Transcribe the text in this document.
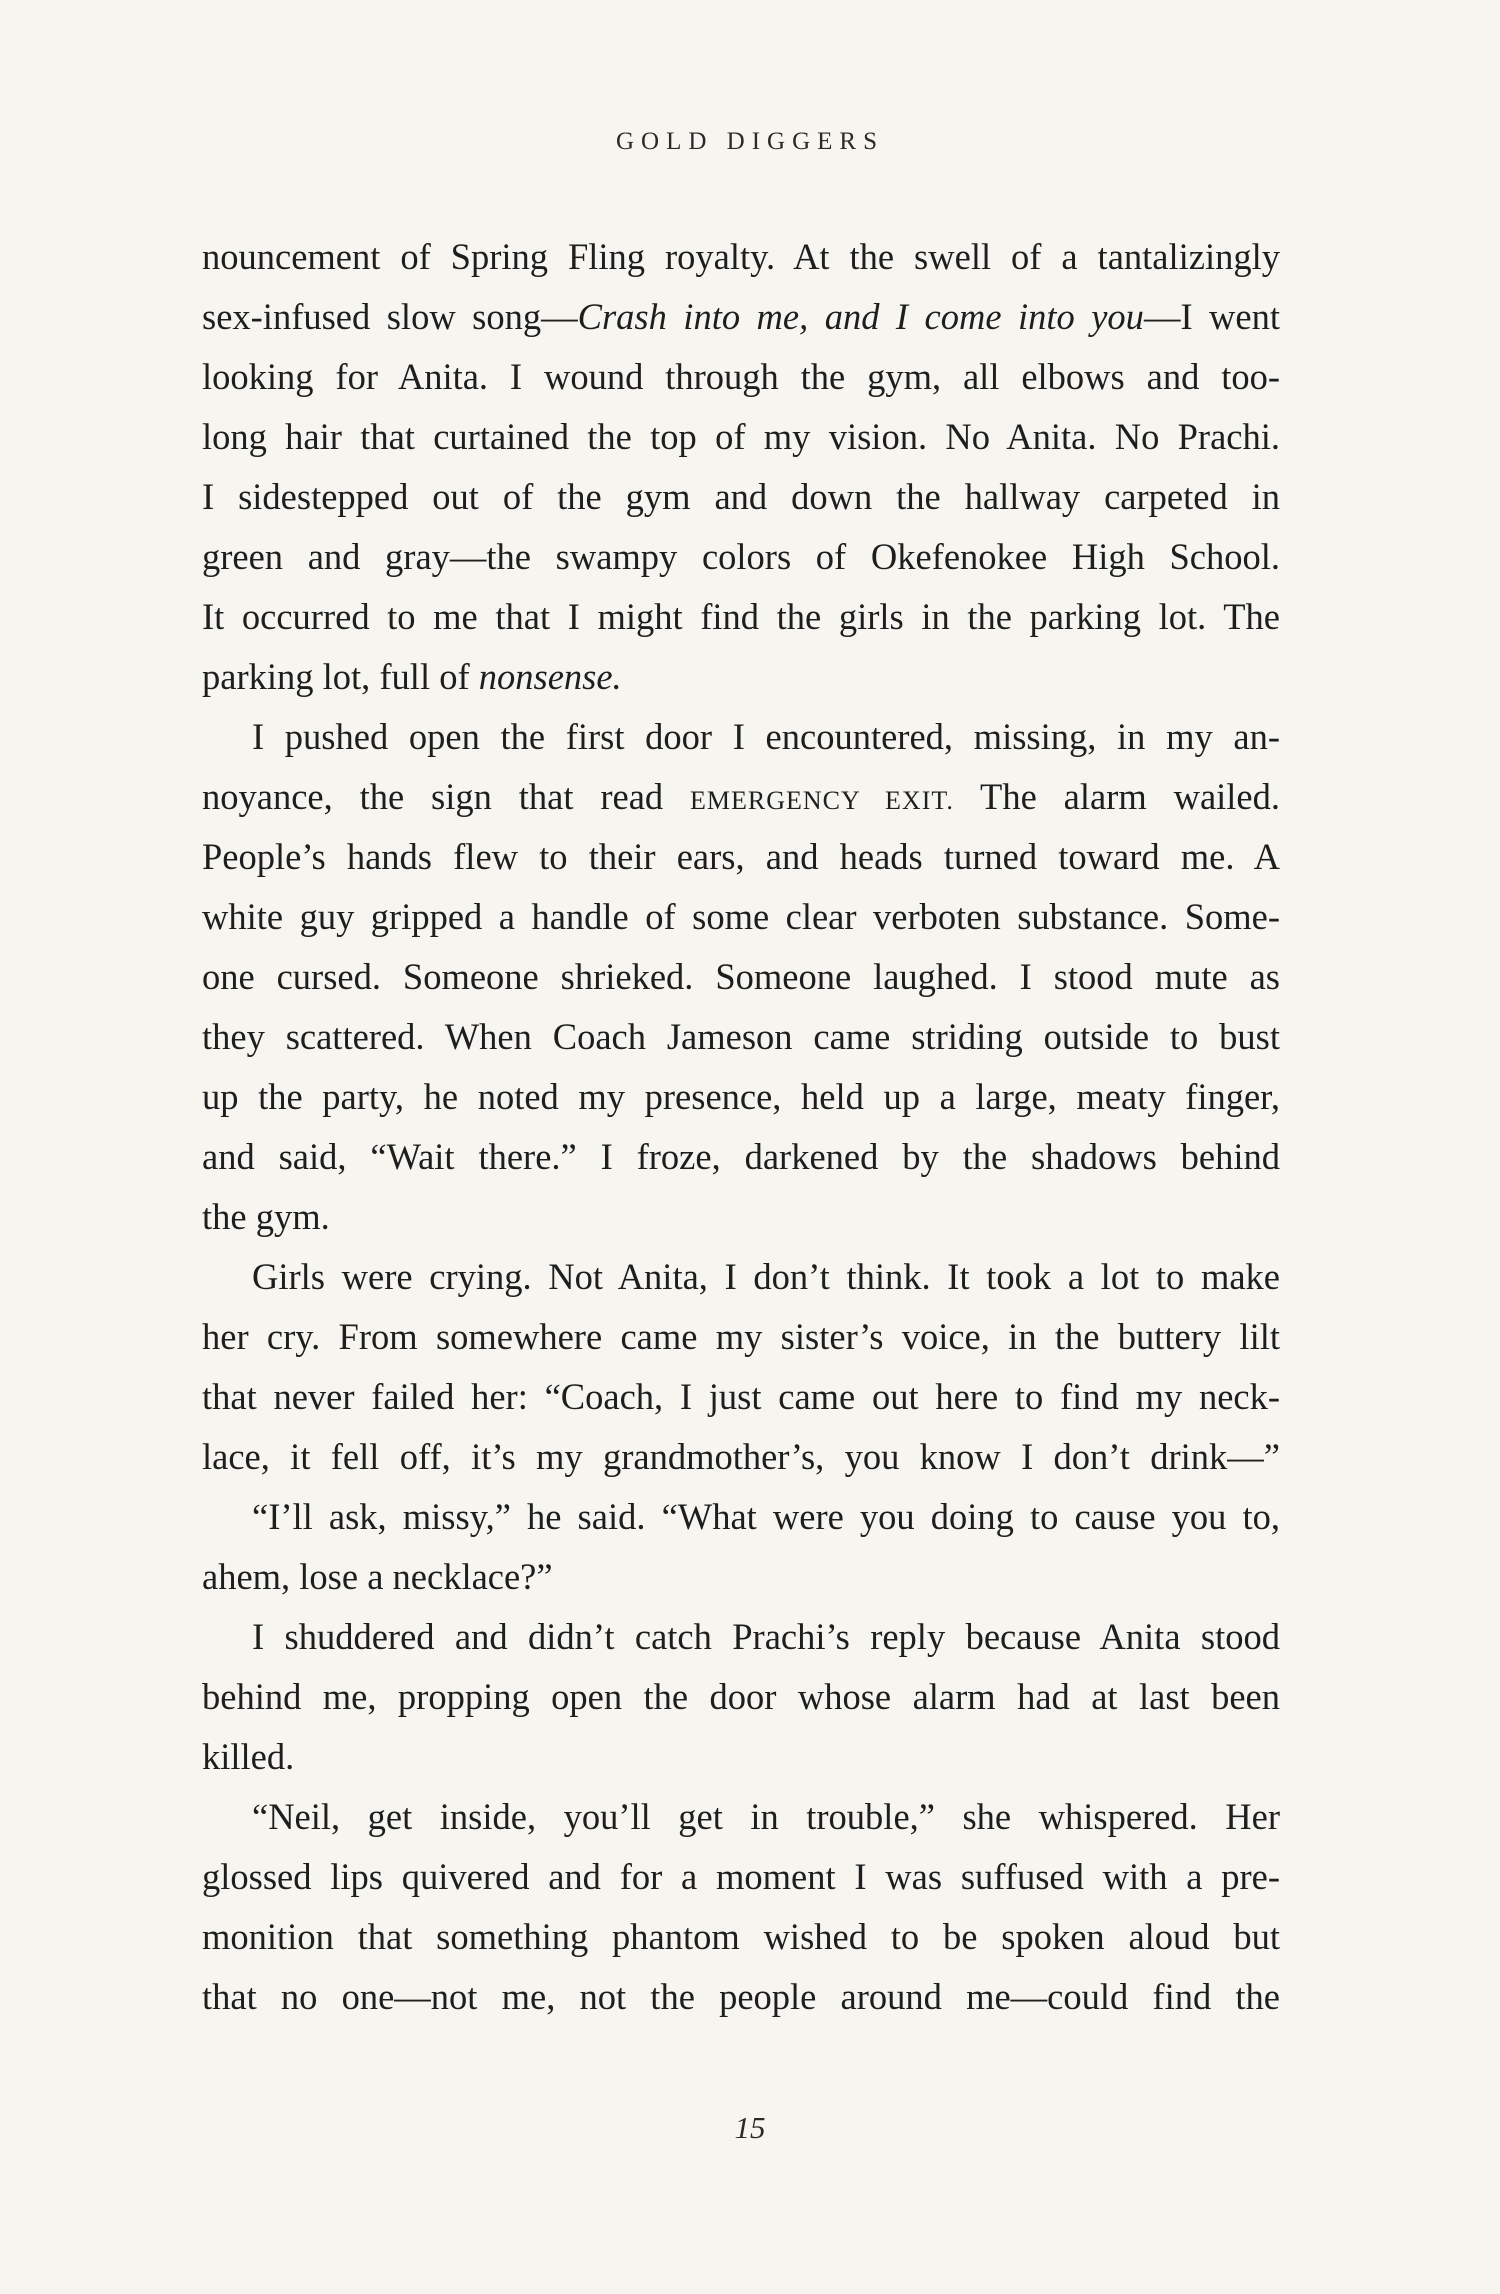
GOLD DIGGERS
nouncement of Spring Fling royalty. At the swell of a tantalizingly
sex-infused slow song—Crash into me, and I come into you—I went
looking for Anita. I wound through the gym, all elbows and too-
long hair that curtained the top of my vision. No Anita. No Prachi.
I sidestepped out of the gym and down the hallway carpeted in
green and gray—the swampy colors of Okefenokee High School.
It occurred to me that I might find the girls in the parking lot. The
parking lot, full of nonsense.
I pushed open the first door I encountered, missing, in my an-
noyance, the sign that read EMERGENCY EXIT. The alarm wailed.
People’s hands flew to their ears, and heads turned toward me. A
white guy gripped a handle of some clear verboten substance. Some-
one cursed. Someone shrieked. Someone laughed. I stood mute as
they scattered. When Coach Jameson came striding outside to bust
up the party, he noted my presence, held up a large, meaty finger,
and said, “Wait there.” I froze, darkened by the shadows behind
the gym.
Girls were crying. Not Anita, I don’t think. It took a lot to make
her cry. From somewhere came my sister’s voice, in the buttery lilt
that never failed her: “Coach, I just came out here to find my neck-
lace, it fell off, it’s my grandmother’s, you know I don’t drink—”
“I’ll ask, missy,” he said. “What were you doing to cause you to,
ahem, lose a necklace?”
I shuddered and didn’t catch Prachi’s reply because Anita stood
behind me, propping open the door whose alarm had at last been
killed.
“Neil, get inside, you’ll get in trouble,” she whispered. Her
glossed lips quivered and for a moment I was suffused with a pre-
monition that something phantom wished to be spoken aloud but
that no one—not me, not the people around me—could find the
15
